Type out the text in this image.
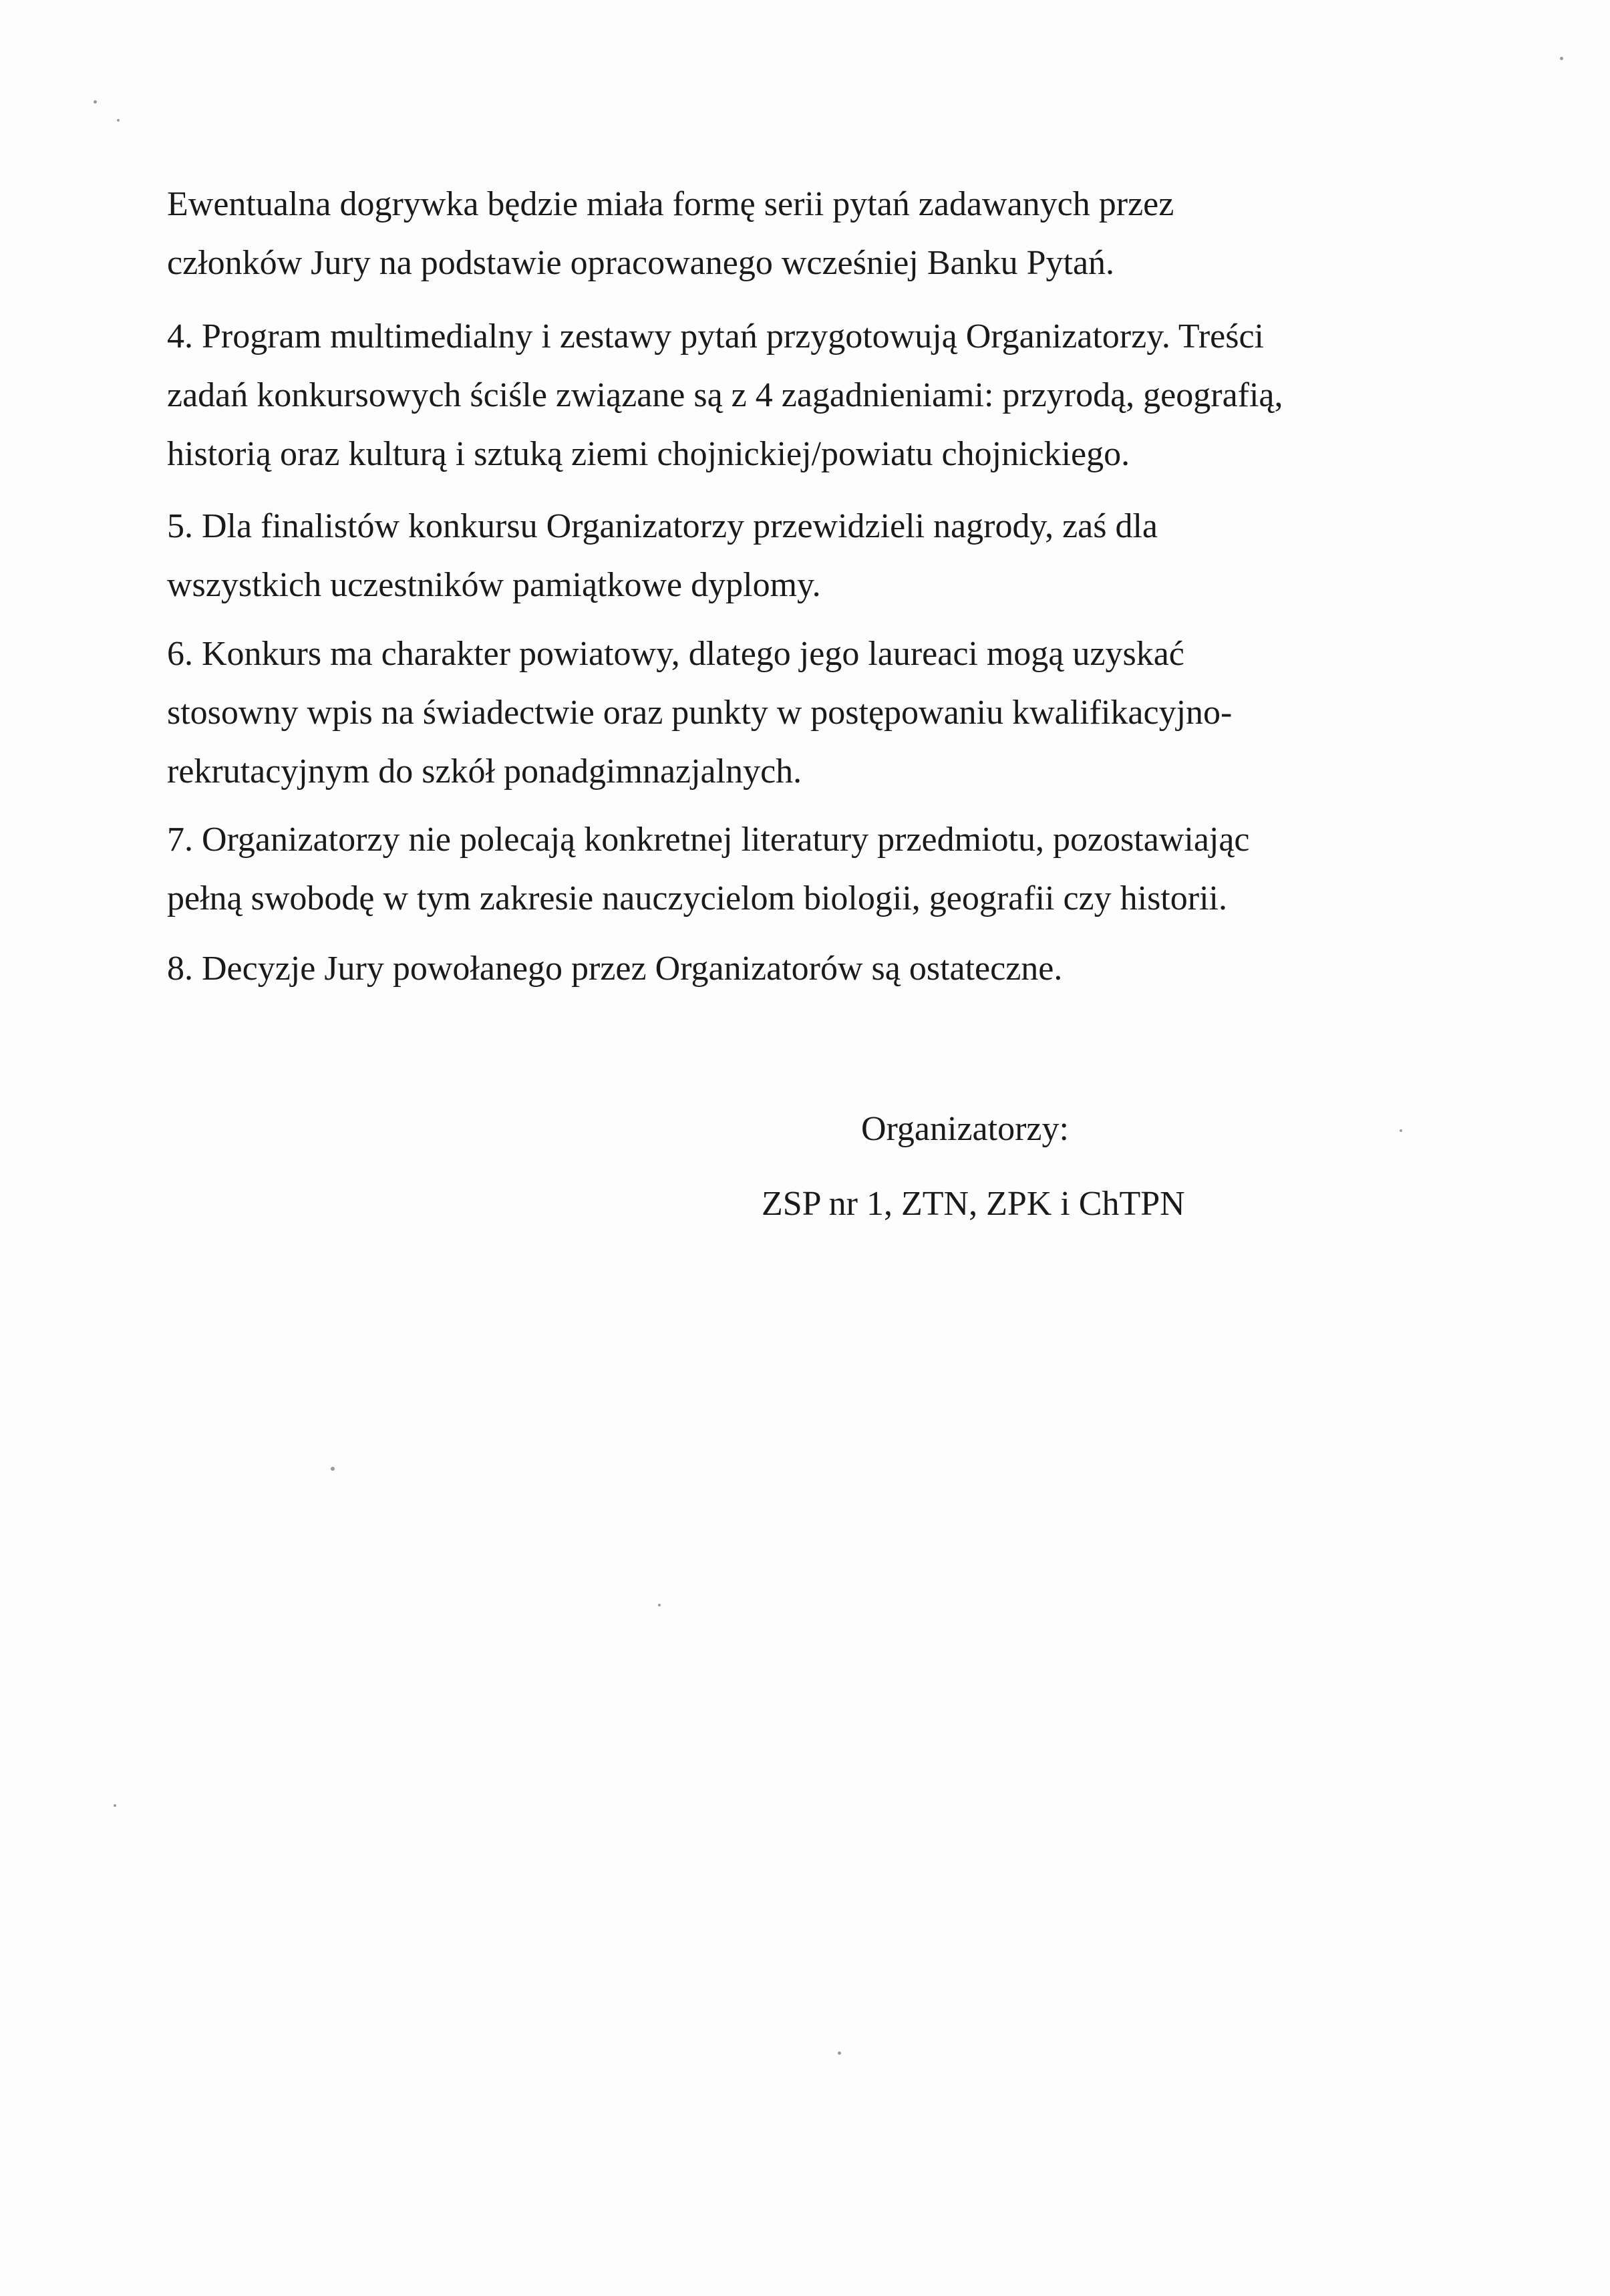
Ewentualna dogrywka będzie miała formę serii pytań zadawanych przez
członków Jury na podstawie opracowanego wcześniej Banku Pytań.

4. Program multimedialny i zestawy pytań przygotowują Organizatorzy. Treści
zadań konkursowych ściśle związane są z 4 zagadnieniami: przyrodą, geografią,
historią oraz kulturą i sztuką ziemi chojnickiej/powiatu chojnickiego.

5. Dla finalistów konkursu Organizatorzy przewidzieli nagrody, zaś dla
wszystkich uczestników pamiątkowe dyplomy.

6. Konkurs ma charakter powiatowy, dlatego jego laureaci mogą uzyskać
stosowny wpis na świadectwie oraz punkty w postępowaniu kwalifikacyjno-
rekrutacyjnym do szkół ponadgimnazjalnych.

7. Organizatorzy nie polecają konkretnej literatury przedmiotu, pozostawiając
pełną swobodę w tym zakresie nauczycielom biologii, geografii czy historii.

8. Decyzje Jury powołanego przez Organizatorów są ostateczne.

Organizatorzy:

ZSP nr 1, ZTN, ZPK i ChTPN
